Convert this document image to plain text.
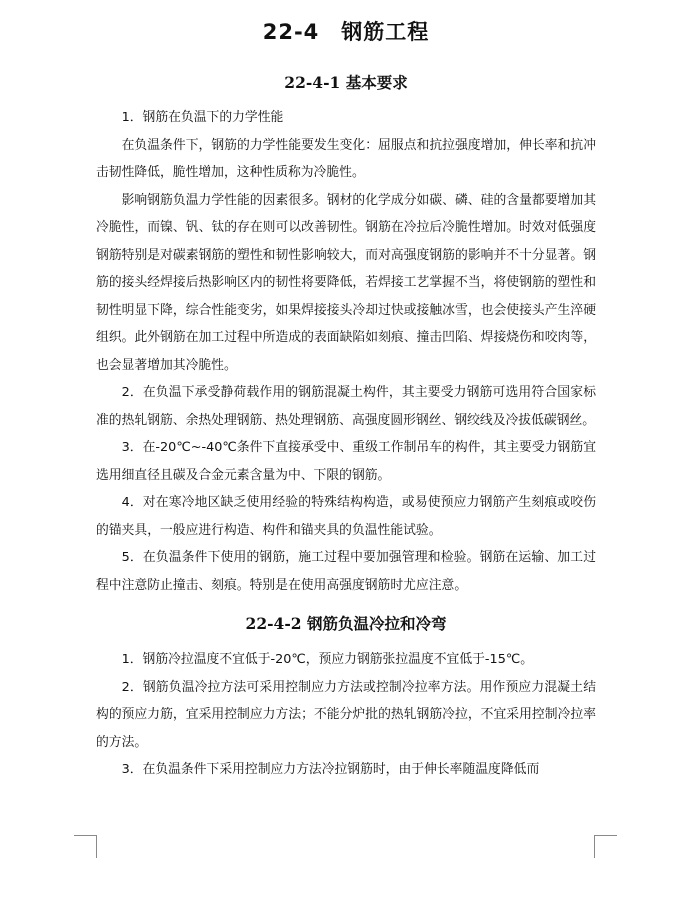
22-4　钢筋工程
22-4-1 基本要求

1．钢筋在负温下的力学性能

在负温条件下，钢筋的力学性能要发生变化：屈服点和抗拉强度增加，伸长率和抗冲击韧性降低，脆性增加，这种性质称为冷脆性。

影响钢筋负温力学性能的因素很多。钢材的化学成分如碳、磷、硅的含量都要增加其冷脆性，而镍、钒、钛的存在则可以改善韧性。钢筋在冷拉后冷脆性增加。时效对低强度钢筋特别是对碳素钢筋的塑性和韧性影响较大，而对高强度钢筋的影响并不十分显著。钢筋的接头经焊接后热影响区内的韧性将要降低，若焊接工艺掌握不当，将使钢筋的塑性和韧性明显下降，综合性能变劣，如果焊接接头冷却过快或接触冰雪，也会使接头产生淬硬组织。此外钢筋在加工过程中所造成的表面缺陷如刻痕、撞击凹陷、焊接烧伤和咬肉等，也会显著增加其冷脆性。

2．在负温下承受静荷载作用的钢筋混凝土构件，其主要受力钢筋可选用符合国家标准的热轧钢筋、余热处理钢筋、热处理钢筋、高强度圆形钢丝、钢绞线及冷拔低碳钢丝。

3．在-20℃~-40℃条件下直接承受中、重级工作制吊车的构件，其主要受力钢筋宜选用细直径且碳及合金元素含量为中、下限的钢筋。

4．对在寒冷地区缺乏使用经验的特殊结构构造，或易使预应力钢筋产生刻痕或咬伤的锚夹具，一般应进行构造、构件和锚夹具的负温性能试验。

5．在负温条件下使用的钢筋，施工过程中要加强管理和检验。钢筋在运输、加工过程中注意防止撞击、刻痕。特别是在使用高强度钢筋时尤应注意。

22-4-2 钢筋负温冷拉和冷弯

1．钢筋冷拉温度不宜低于-20℃，预应力钢筋张拉温度不宜低于-15℃。

2．钢筋负温冷拉方法可采用控制应力方法或控制冷拉率方法。用作预应力混凝土结构的预应力筋，宜采用控制应力方法；不能分炉批的热轧钢筋冷拉，不宜采用控制冷拉率的方法。

3．在负温条件下采用控制应力方法冷拉钢筋时，由于伸长率随温度降低而
